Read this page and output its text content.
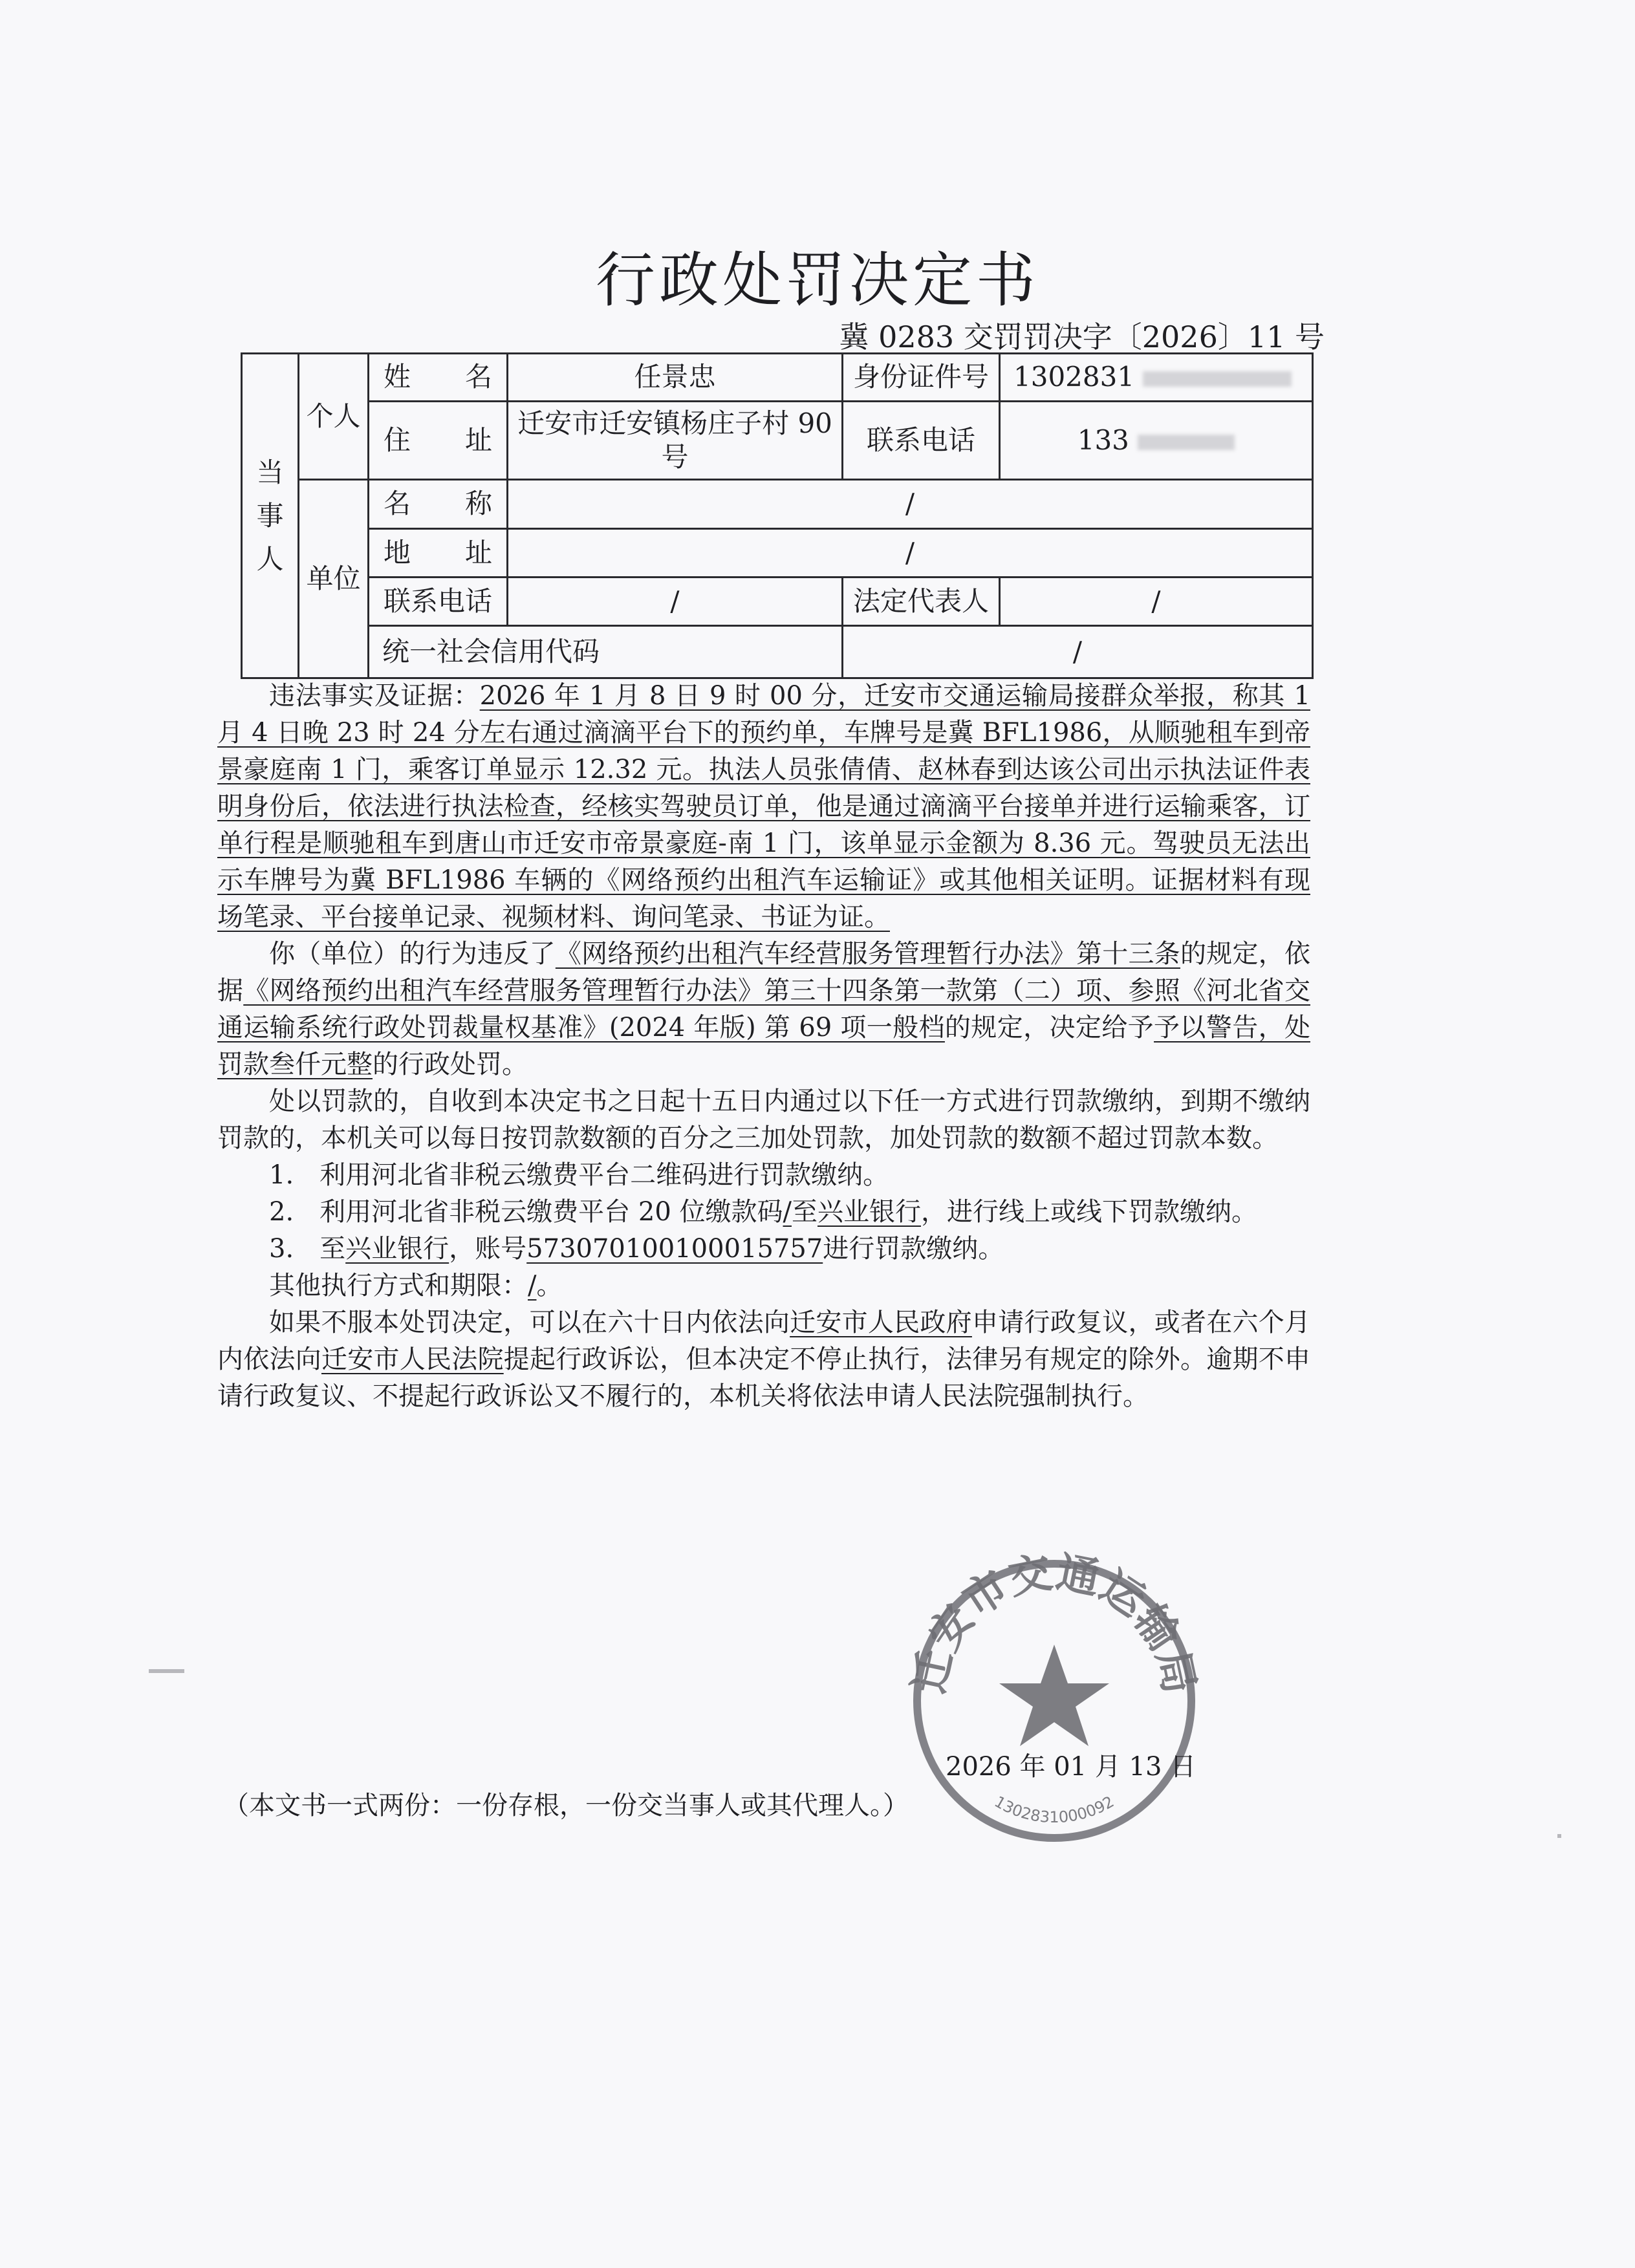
行政处罚决定书
冀 0283 交罚罚决字〔2026〕11 号
当事人	个人	姓　　名	任景忠	身份证件号	1302831
		住　　址	迁安市迁安镇杨庄子村 90 号	联系电话	133
	单位	名　　称	/		
		地　　址	/		
		联系电话	/	法定代表人	/
		统一社会信用代码		/	

违法事实及证据：2026 年 1 月 8 日 9 时 00 分，迁安市交通运输局接群众举报，称其 1 月 4 日晚 23 时 24 分左右通过滴滴平台下的预约单，车牌号是冀 BFL1986，从顺驰租车到帝景豪庭南 1 门，乘客订单显示 12.32 元。执法人员张倩倩、赵林春到达该公司出示执法证件表明身份后，依法进行执法检查，经核实驾驶员订单，他是通过滴滴平台接单并进行运输乘客，订单行程是顺驰租车到唐山市迁安市帝景豪庭-南 1 门，该单显示金额为 8.36 元。驾驶员无法出示车牌号为冀 BFL1986 车辆的《网络预约出租汽车运输证》或其他相关证明。证据材料有现场笔录、平台接单记录、视频材料、询问笔录、书证为证。

你（单位）的行为违反了《网络预约出租汽车经营服务管理暂行办法》第十三条的规定，依据《网络预约出租汽车经营服务管理暂行办法》第三十四条第一款第（二）项、参照《河北省交通运输系统行政处罚裁量权基准》(2024 年版) 第 69 项一般档的规定，决定给予予以警告，处罚款叁仟元整的行政处罚。

处以罚款的，自收到本决定书之日起十五日内通过以下任一方式进行罚款缴纳，到期不缴纳罚款的，本机关可以每日按罚款数额的百分之三加处罚款，加处罚款的数额不超过罚款本数。

1.　利用河北省非税云缴费平台二维码进行罚款缴纳。

2.　利用河北省非税云缴费平台 20 位缴款码/至兴业银行，进行线上或线下罚款缴纳。

3.　至兴业银行，账号573070100100015757进行罚款缴纳。

其他执行方式和期限：/。

如果不服本处罚决定，可以在六十日内依法向迁安市人民政府申请行政复议，或者在六个月内依法向迁安市人民法院提起行政诉讼，但本决定不停止执行，法律另有规定的除外。逾期不申请行政复议、不提起行政诉讼又不履行的，本机关将依法申请人民法院强制执行。

迁安市交通运输局
1302831000092
2026 年 01 月 13 日
（本文书一式两份：一份存根，一份交当事人或其代理人。）
